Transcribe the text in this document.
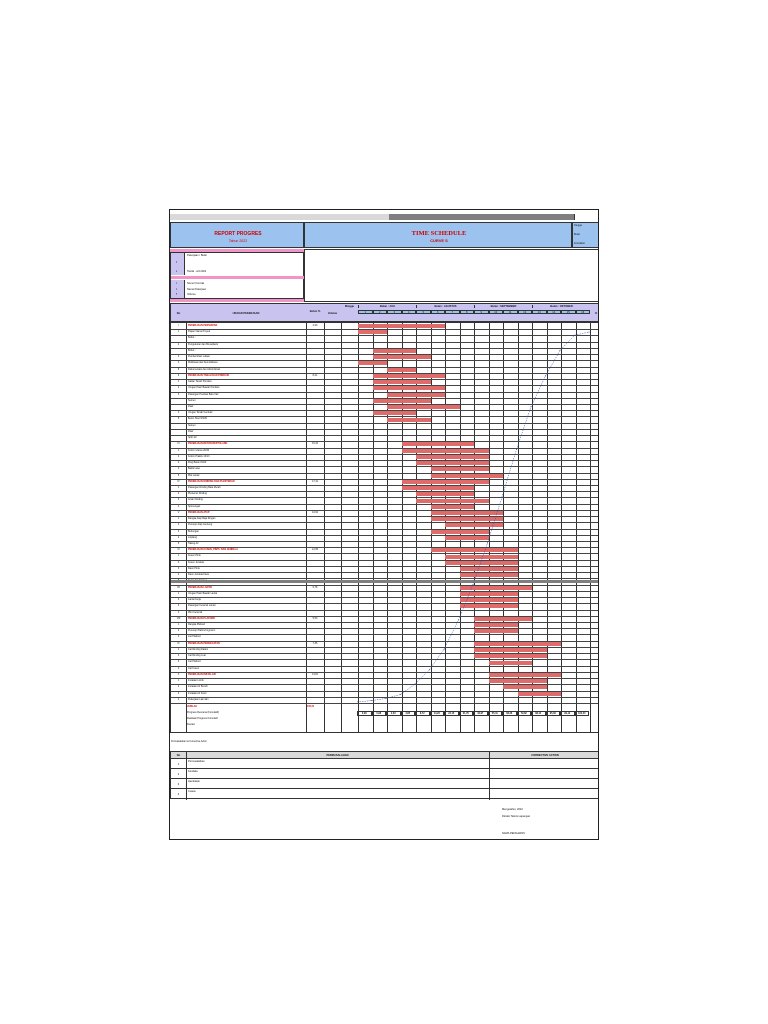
REPORT PROGRES
Tahun 2022
TIME SCHEDULE
CURVE S
Tanggal
Bulan
Kontraktor
1
2
Pekerjaan / Bulan
Tanda : s/d 2022
3
4
5
Nomor Kontrak
Nama Pekerjaan
Volume
No	URAIAN PEKERJAAN
Bobot %
Volume
Minggu	Bulan : JULI	Bulan : AGUSTUS	Bulan : SEPTEMBER	Bulan : OKTOBER
1	2	3	4	5	6	7	8	9	10	11	12	13	14	15	16	%
I	PEKERJAAN PERSIAPAN	2,90
1	Papan Nama Proyek
Bobot :
2	Pengukuran dan Bouwplank
Bobot :
3	Pembersihan Lokasi
4	Mobilisasi dan Demobilisasi
5	Dokumentasi dan Administrasi
II	PEKERJAAN TANAH DAN PONDASI	8,21
1	Galian Tanah Pondasi
2	Urugan Pasir Bawah Pondasi
3	Pasangan Pondasi Batu Kali
Semen
Pasir
4	Urugan Tanah Kembali
5	Beton Sloof 15/20
Semen
Pasir
Split 1/2
III	PEKERJAAN BETON BERTULANG	15,34
1	Kolom Utama 20/20
2	Kolom Praktis 13/13
3	Ring Balok 15/20
4	Balok Latei
5	Plat Lantai
IV	PEKERJAAN DINDING DAN PLESTERAN	17,41
1	Pasangan Dinding Bata Merah
2	Plesteran Dinding
3	Acian Dinding
4	Sponengan
V	PEKERJAAN ATAP	10,62
1	Rangka Atap Baja Ringan
2	Penutup Atap Genteng
3	Bubungan
4	Lisplang
5	Talang Air
VI	PEKERJAAN KUSEN, PINTU DAN JENDELA	12,05
1	Kusen Pintu
2	Kusen Jendela
3	Daun Pintu
4	Daun Jendela Kaca
VII	PEKERJAAN LANTAI	6,78
1	Urugan Pasir Bawah Lantai
2	Lantai Kerja
3	Pasangan Keramik Lantai
4	Plint Keramik
VIII	PEKERJAAN PLAFOND	5,53
1	Rangka Plafond
2	Penutup Plafond Gypsum
3	List Plafond
IX	PEKERJAAN PENGECATAN	7,35
1	Cat Dinding Dalam
2	Cat Dinding Luar
3	Cat Plafond
4	Cat Kusen
X	PEKERJAAN INSTALASI	13,81
1	Instalasi Listrik
2	Instalasi Air Bersih
3	Instalasi Air Kotor
4	Pekerjaan Lain-lain
JUMLAH	100,00
Progress Rencana (Kumulatif)
Realisasi Progress Kumulatif
Deviasi
0,38	0,98	2,03	4,85	8,72	14,23	22,15	31,76	42,97	55,41	68,26	79,82	88,14	95,03	99,12	100,00
Permasalahan & Corrective Action
No	PERMASALAHAN	CORRECTIVE ACTION
1
Permasalahan
2
Kendala
3
Hambatan
4
Cuaca
Mengetahui, 2022
Direksi Teknis Lapangan
NAMA PENGAWAS
